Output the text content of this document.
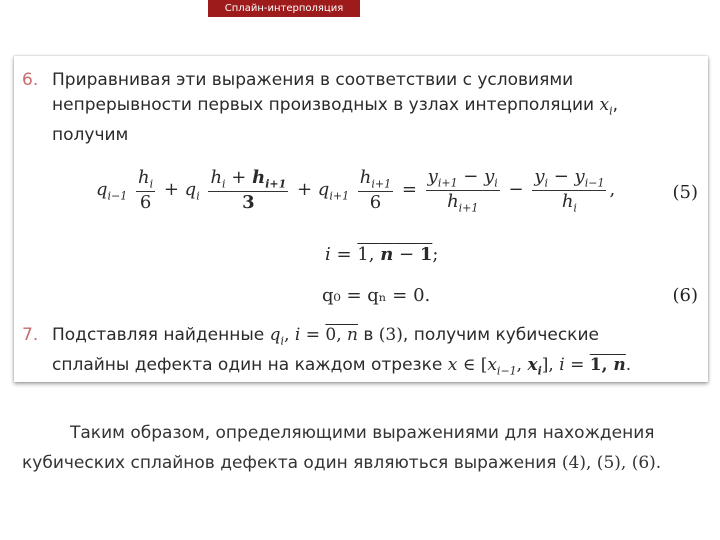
Сплайн-интерполяция
6. Приравнивая эти выражения в соответствии с условиями
непрерывности первых производных в узлах интерполяции $x_i$,
получим
$q_{i-1} \frac{h_i}{6} + q_i \frac{h_i + h_{i+1}}{3} + q_{i+1} \frac{h_{i+1}}{6} = \frac{y_{i+1} - y_i}{h_{i+1}} - \frac{y_i - y_{i-1}}{h_i}$ ,	(5)
i = 1, n − 1;
q₀ = qₙ = 0.	(6)
7. Подставляя найденные $q_i$, i = 0, n в (3), получим кубические
сплайны дефекта один на каждом отрезке x ∈ [$x_{i-1}$, $x_i$], i = 1, n.
Таким образом, определяющими выражениями для нахождения кубических сплайнов дефекта один являються выражения (4), (5), (6).
